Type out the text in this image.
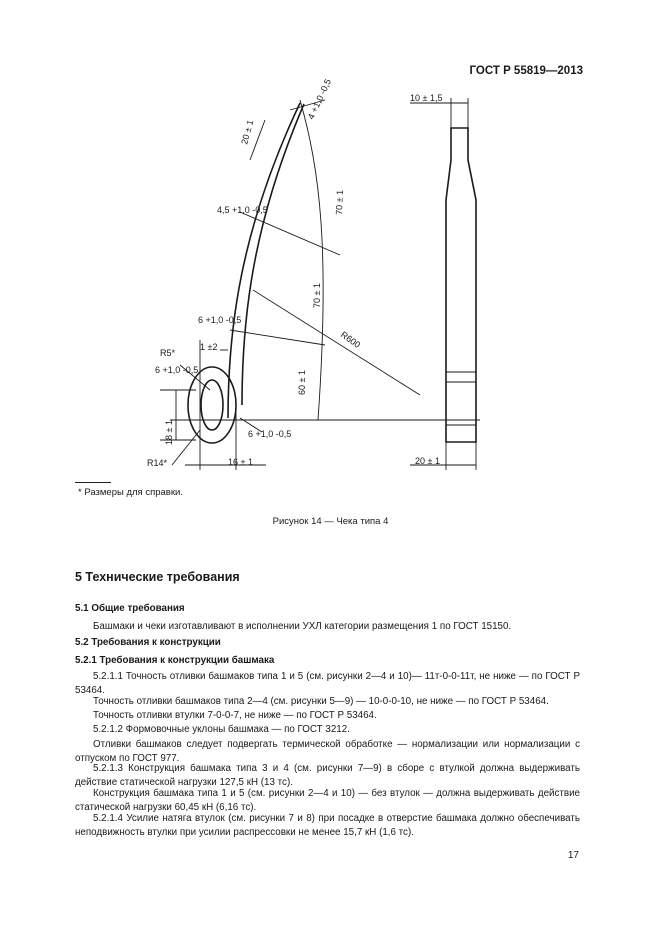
ГОСТ Р 55819—2013
10 ± 1,5
4 +1,0 -0,5
20 ± 1
70 ± 1
4,5 +1,0 -0,5
70 ± 1
R600
6 +1,0 -0,5
1 ±2
R5*
6 +1,0 -0,5
60 ± 1
18 ± 1	6 +1,0 -0,5
R14*	16 ± 1	20 ± 1
* Размеры для справки.
Рисунок 14 — Чека типа 4
5 Технические требования
5.1 Общие требования
Башмаки и чеки изготавливают в исполнении УХЛ категории размещения 1 по ГОСТ 15150.
5.2 Требования к конструкции
5.2.1 Требования к конструкции башмака
5.2.1.1 Точность отливки башмаков типа 1 и 5 (см. рисунки 2—4 и 10)— 11т-0-0-11т, не ниже — по ГОСТ Р 53464.
Точность отливки башмаков типа 2—4 (см. рисунки 5—9) — 10-0-0-10, не ниже — по ГОСТ Р 53464.
Точность отливки втулки 7-0-0-7, не ниже — по ГОСТ Р 53464.
5.2.1.2 Формовочные уклоны башмака — по ГОСТ 3212.
Отливки башмаков следует подвергать термической обработке — нормализации или нормализации с отпуском по ГОСТ 977.
5.2.1.3 Конструкция башмака типа 3 и 4 (см. рисунки 7—9) в сборе с втулкой должна выдерживать действие статической нагрузки 127,5 кН (13 тс).
Конструкция башмака типа 1 и 5 (см. рисунки 2—4 и 10) — без втулок — должна выдерживать действие статической нагрузки 60,45 кН (6,16 тс).
5.2.1.4 Усилие натяга втулок (см. рисунки 7 и 8) при посадке в отверстие башмака должно обеспечивать неподвижность втулки при усилии распрессовки не менее 15,7 кН (1,6 тс).
17
